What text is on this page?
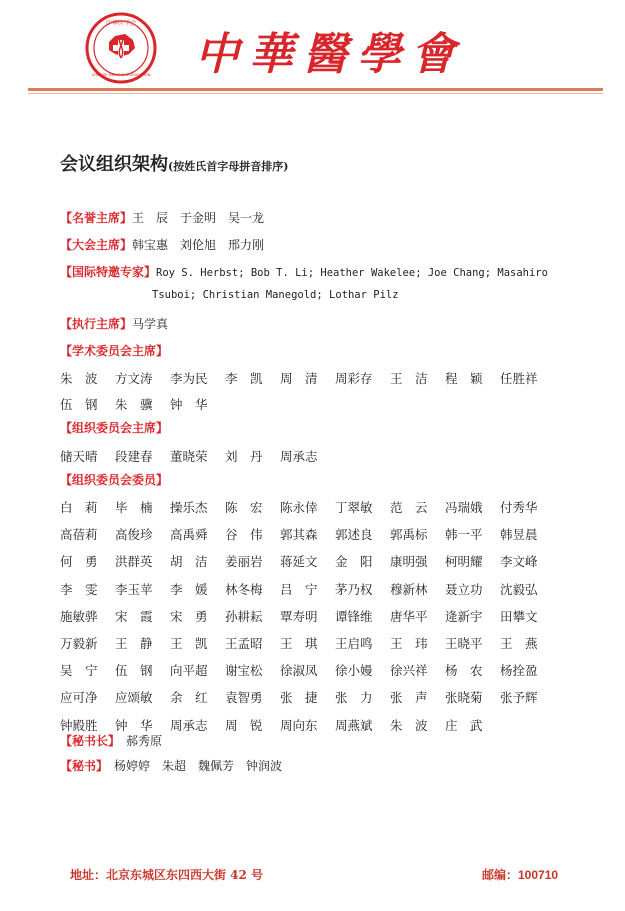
中华医学会
CHINESE MEDICAL ASSOCIATION 中華醫學會
会议组织架构(按姓氏首字母拼音排序)
【名誉主席】王　辰　于金明　吴一龙
【大会主席】韩宝惠　刘伦旭　邢力刚
【国际特邀专家】Roy S. Herbst; Bob T. Li; Heather Wakelee; Joe Chang; Masahiro
Tsuboi; Christian Manegold; Lothar Pilz
【执行主席】马学真
【学术委员会主席】
朱　波 方文涛 李为民 李　凯 周　清 周彩存 王　洁 程　颖 任胜祥伍　钢 朱　骥 钟　华
【组织委员会主席】
储天晴 段建春 董晓荣 刘　丹 周承志
【组织委员会委员】
白　莉 毕　楠 操乐杰 陈　宏 陈永倖 丁翠敏 范　云 冯瑞娥 付秀华高蓓莉 高俊珍 高禹舜 谷　伟 郭其森 郭述良 郭禹标 韩一平 韩昱晨何　勇 洪群英 胡　洁 姜丽岩 蒋延文 金　阳 康明强 柯明耀 李文峰李　雯 李玉苹 李　媛 林冬梅 吕　宁 茅乃权 穆新林 聂立功 沈毅弘施敏骅 宋　霞 宋　勇 孙耕耘 覃寿明 谭锋维 唐华平 逄新宇 田攀文万毅新 王　静 王　凯 王孟昭 王　琪 王启鸣 王　玮 王晓平 王　燕吴　宁 伍　钢 向平超 谢宝松 徐淑凤 徐小嫚 徐兴祥 杨　农 杨拴盈应可净 应颂敏 余　红 袁智勇 张　捷 张　力 张　声 张晓菊 张予辉钟殿胜 钟　华 周承志 周　锐 周向东 周燕斌 朱　波 庄　武
【秘书长】 郝秀原
【秘书】 杨婷婷　朱超　魏佩芳　钟润波
地址：北京东城区东四西大街 42 号	邮编：100710
